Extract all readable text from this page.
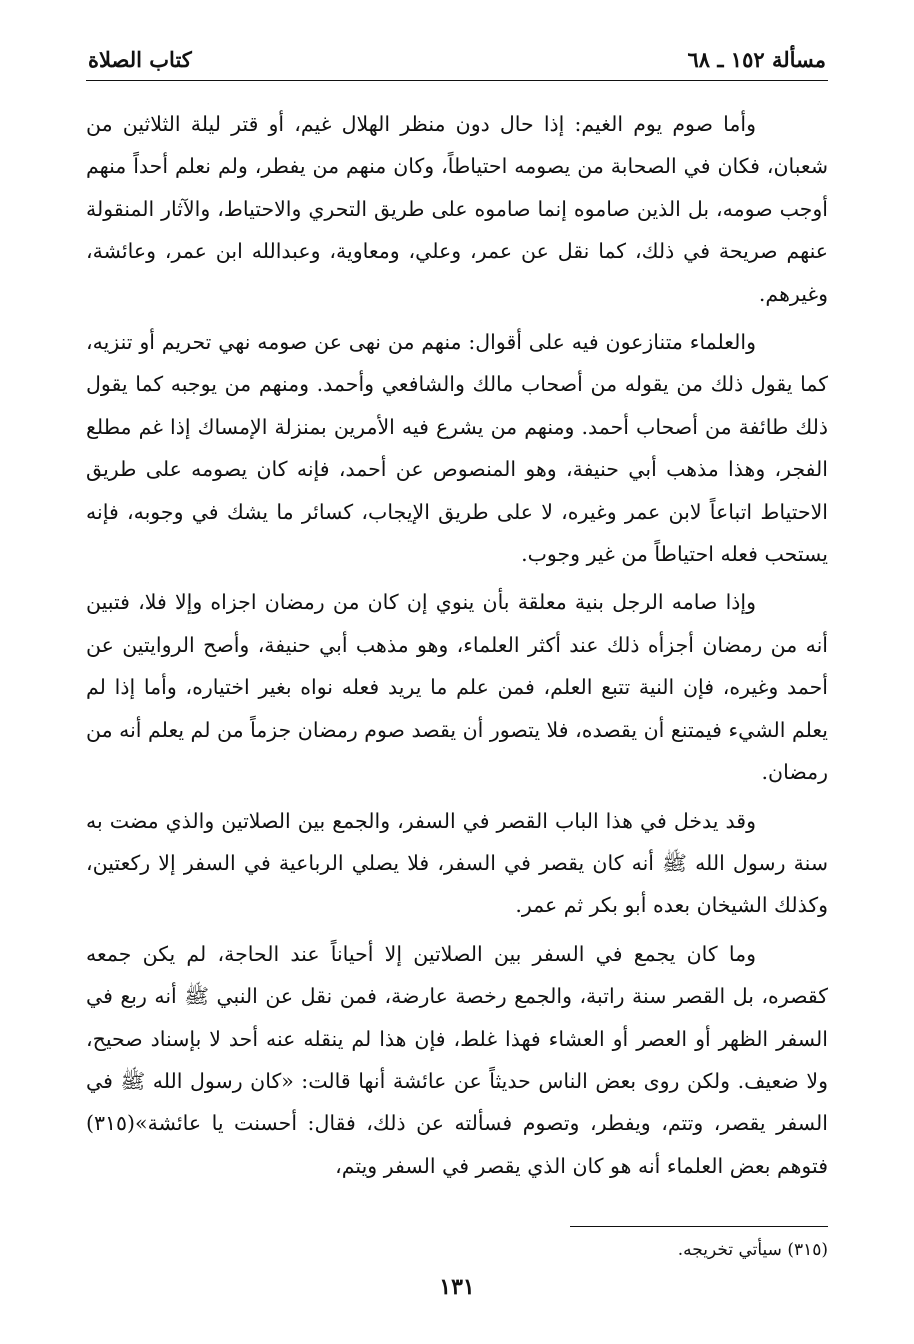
مسألة ١٥٢ ـ ٦٨
كتاب الصلاة

وأما صوم يوم الغيم: إذا حال دون منظر الهلال غيم، أو قتر ليلة الثلاثين من شعبان، فكان في الصحابة من يصومه احتياطاً، وكان منهم من يفطر، ولم نعلم أحداً منهم أوجب صومه، بل الذين صاموه إنما صاموه على طريق التحري والاحتياط، والآثار المنقولة عنهم صريحة في ذلك، كما نقل عن عمر، وعلي، ومعاوية، وعبدالله ابن عمر، وعائشة، وغيرهم.

والعلماء متنازعون فيه على أقوال: منهم من نهى عن صومه نهي تحريم أو تنزيه، كما يقول ذلك من يقوله من أصحاب مالك والشافعي وأحمد. ومنهم من يوجبه كما يقول ذلك طائفة من أصحاب أحمد. ومنهم من يشرع فيه الأمرين بمنزلة الإمساك إذا غم مطلع الفجر، وهذا مذهب أبي حنيفة، وهو المنصوص عن أحمد، فإنه كان يصومه على طريق الاحتياط اتباعاً لابن عمر وغيره، لا على طريق الإيجاب، كسائر ما يشك في وجوبه، فإنه يستحب فعله احتياطاً من غير وجوب.

وإذا صامه الرجل بنية معلقة بأن ينوي إن كان من رمضان اجزاه وإلا فلا، فتبين أنه من رمضان أجزأه ذلك عند أكثر العلماء، وهو مذهب أبي حنيفة، وأصح الروايتين عن أحمد وغيره، فإن النية تتبع العلم، فمن علم ما يريد فعله نواه بغير اختياره، وأما إذا لم يعلم الشيء فيمتنع أن يقصده، فلا يتصور أن يقصد صوم رمضان جزماً من لم يعلم أنه من رمضان.

وقد يدخل في هذا الباب القصر في السفر، والجمع بين الصلاتين والذي مضت به سنة رسول الله ﷺ أنه كان يقصر في السفر، فلا يصلي الرباعية في السفر إلا ركعتين، وكذلك الشيخان بعده أبو بكر ثم عمر.

وما كان يجمع في السفر بين الصلاتين إلا أحياناً عند الحاجة، لم يكن جمعه كقصره، بل القصر سنة راتبة، والجمع رخصة عارضة، فمن نقل عن النبي ﷺ أنه ربع في السفر الظهر أو العصر أو العشاء فهذا غلط، فإن هذا لم ينقله عنه أحد لا بإسناد صحيح، ولا ضعيف. ولكن روى بعض الناس حديثاً عن عائشة أنها قالت: «كان رسول الله ﷺ في السفر يقصر، وتتم، ويفطر، وتصوم فسألته عن ذلك، فقال: أحسنت يا عائشة»(٣١٥) فتوهم بعض العلماء أنه هو كان الذي يقصر في السفر ويتم،

(٣١٥) سيأتي تخريجه.
١٣١
